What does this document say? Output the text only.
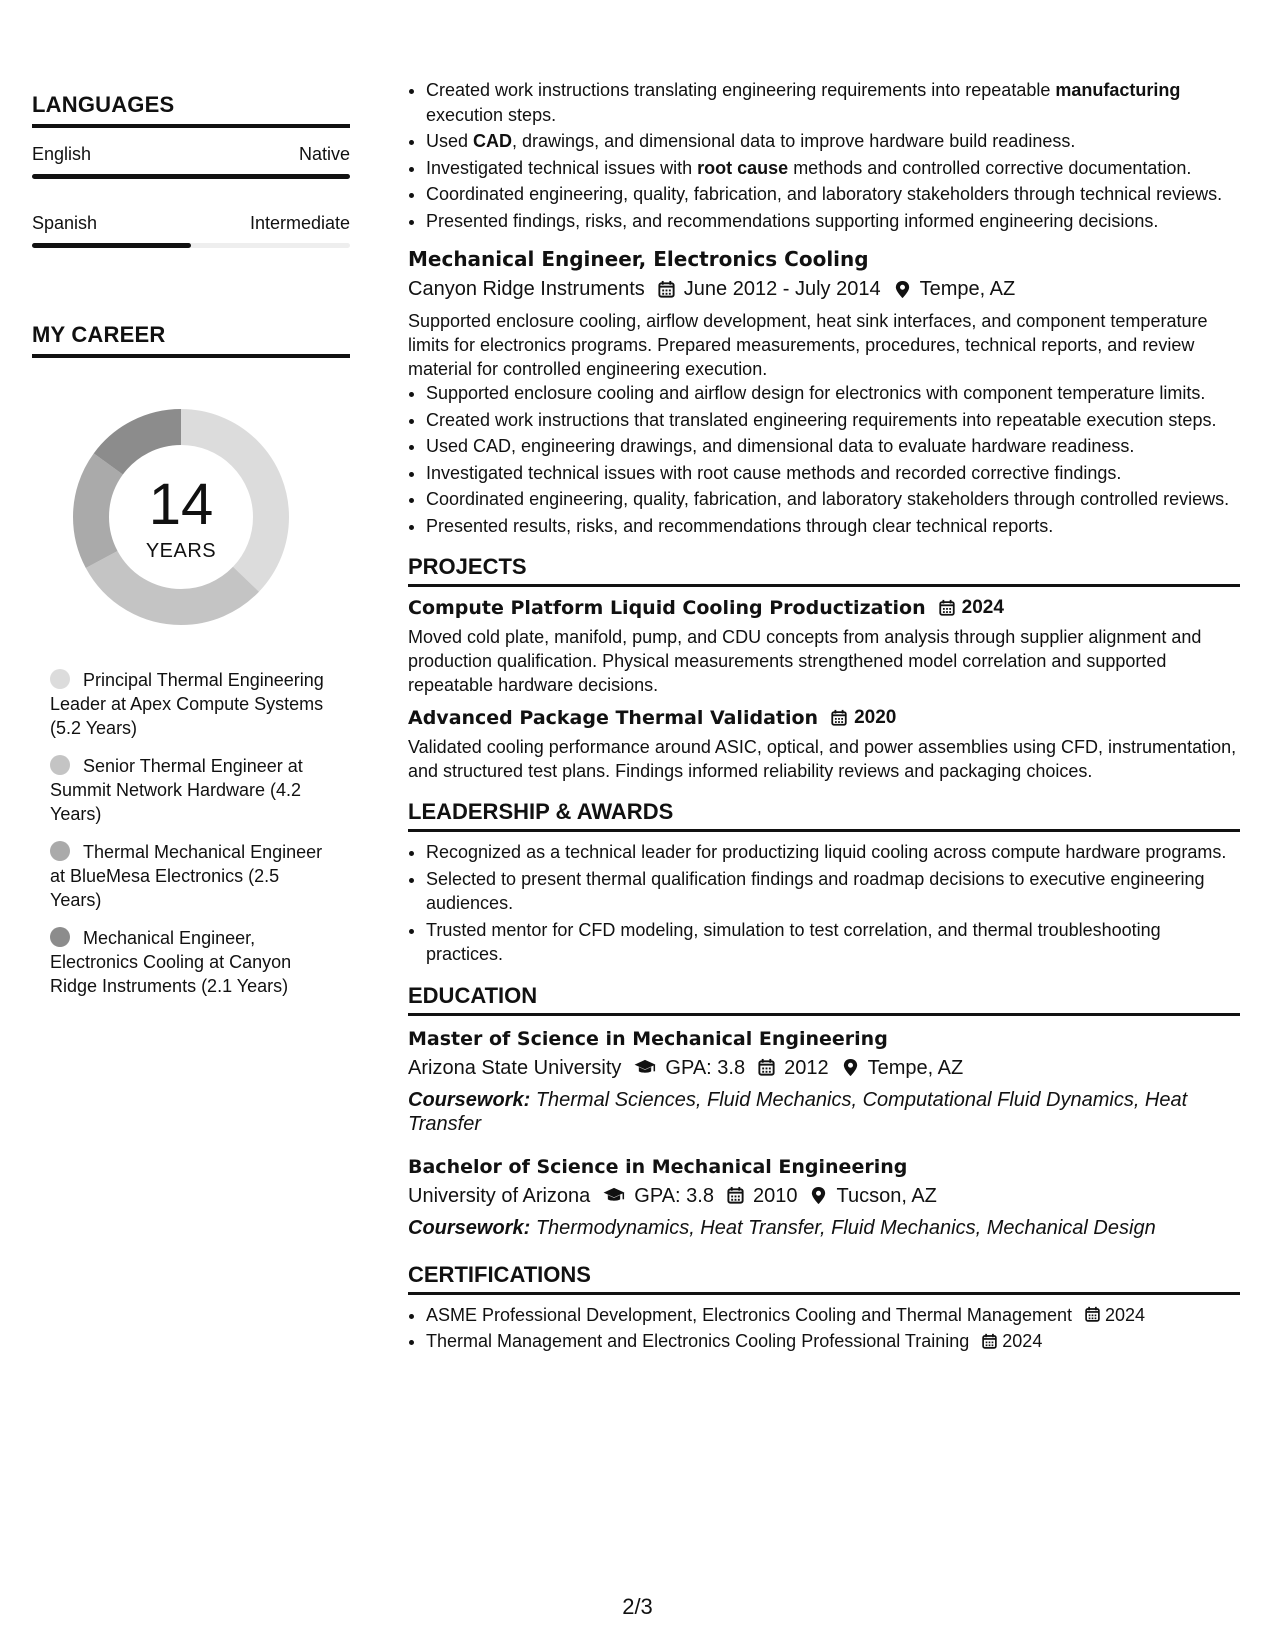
LANGUAGES
English	Native
Spanish	Intermediate
MY CAREER
14
YEARS
Principal Thermal Engineering Leader at Apex Compute Systems (5.2 Years)
Senior Thermal Engineer at Summit Network Hardware (4.2 Years)
Thermal Mechanical Engineer at BlueMesa Electronics (2.5 Years)
Mechanical Engineer, Electronics Cooling at Canyon Ridge Instruments (2.1 Years)
• Created work instructions translating engineering requirements into repeatable manufacturing execution steps.
• Used CAD, drawings, and dimensional data to improve hardware build readiness.
• Investigated technical issues with root cause methods and controlled corrective documentation.
• Coordinated engineering, quality, fabrication, and laboratory stakeholders through technical reviews.
• Presented findings, risks, and recommendations supporting informed engineering decisions.
Mechanical Engineer, Electronics Cooling
Canyon Ridge Instruments June 2012 - July 2014 Tempe, AZ
Supported enclosure cooling, airflow development, heat sink interfaces, and component temperature limits for electronics programs. Prepared measurements, procedures, technical reports, and review material for controlled engineering execution.
• Supported enclosure cooling and airflow design for electronics with component temperature limits.
• Created work instructions that translated engineering requirements into repeatable execution steps.
• Used CAD, engineering drawings, and dimensional data to evaluate hardware readiness.
• Investigated technical issues with root cause methods and recorded corrective findings.
• Coordinated engineering, quality, fabrication, and laboratory stakeholders through controlled reviews.
• Presented results, risks, and recommendations through clear technical reports.
PROJECTS
Compute Platform Liquid Cooling Productization 2024
Moved cold plate, manifold, pump, and CDU concepts from analysis through supplier alignment and production qualification. Physical measurements strengthened model correlation and supported repeatable hardware decisions.
Advanced Package Thermal Validation 2020
Validated cooling performance around ASIC, optical, and power assemblies using CFD, instrumentation, and structured test plans. Findings informed reliability reviews and packaging choices.
LEADERSHIP & AWARDS
• Recognized as a technical leader for productizing liquid cooling across compute hardware programs.
• Selected to present thermal qualification findings and roadmap decisions to executive engineering audiences.
• Trusted mentor for CFD modeling, simulation to test correlation, and thermal troubleshooting practices.
EDUCATION
Master of Science in Mechanical Engineering
Arizona State University GPA: 3.8 2012 Tempe, AZ
Coursework: Thermal Sciences, Fluid Mechanics, Computational Fluid Dynamics, Heat Transfer
Bachelor of Science in Mechanical Engineering
University of Arizona GPA: 3.8 2010 Tucson, AZ
Coursework: Thermodynamics, Heat Transfer, Fluid Mechanics, Mechanical Design
CERTIFICATIONS
• ASME Professional Development, Electronics Cooling and Thermal Management 2024
• Thermal Management and Electronics Cooling Professional Training 2024
2/3
